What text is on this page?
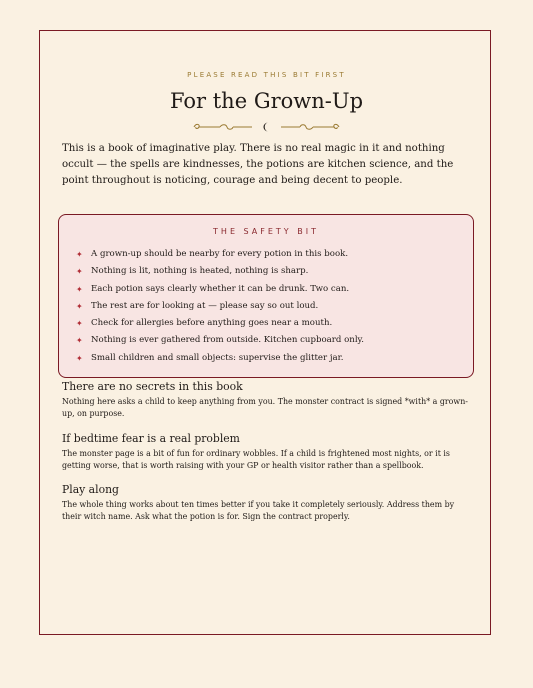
PLEASE READ THIS BIT FIRST
For the Grown-Up

This is a book of imaginative play. There is no real magic in it and nothing occult — the spells are kindnesses, the potions are kitchen science, and the point throughout is noticing, courage and being decent to people.

THE SAFETY BIT
✦ A grown-up should be nearby for every potion in this book.
✦ Nothing is lit, nothing is heated, nothing is sharp.
✦ Each potion says clearly whether it can be drunk. Two can.
✦ The rest are for looking at — please say so out loud.
✦ Check for allergies before anything goes near a mouth.
✦ Nothing is ever gathered from outside. Kitchen cupboard only.
✦ Small children and small objects: supervise the glitter jar.
There are no secrets in this book

Nothing here asks a child to keep anything from you. The monster contract is signed *with* a grown-up, on purpose.

If bedtime fear is a real problem

The monster page is a bit of fun for ordinary wobbles. If a child is frightened most nights, or it is getting worse, that is worth raising with your GP or health visitor rather than a spellbook.

Play along

The whole thing works about ten times better if you take it completely seriously. Address them by their witch name. Ask what the potion is for. Sign the contract properly.
